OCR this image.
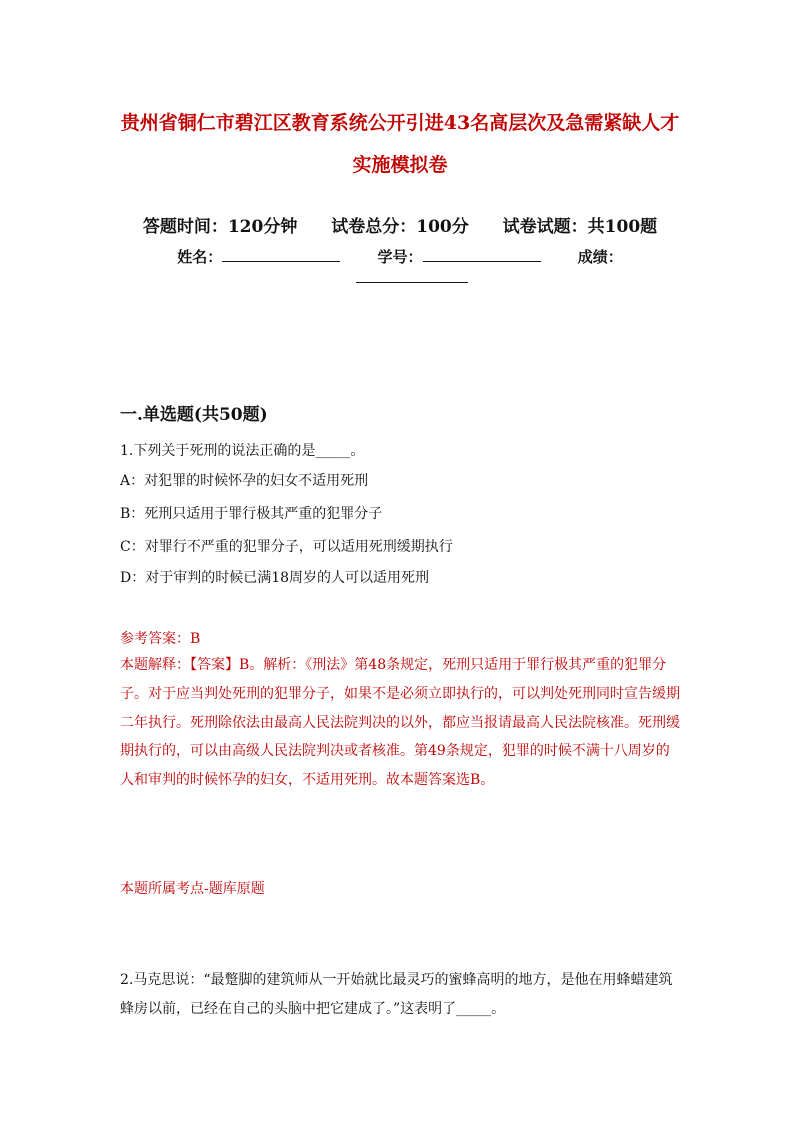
贵州省铜仁市碧江区教育系统公开引进43名高层次及急需紧缺人才
实施模拟卷
答题时间：120分钟 试卷总分：100分 试卷试题：共100题
姓名：	学号：	成绩：
一.单选题(共50题)
1.下列关于死刑的说法正确的是_____。
A：对犯罪的时候怀孕的妇女不适用死刑
B：死刑只适用于罪行极其严重的犯罪分子
C：对罪行不严重的犯罪分子，可以适用死刑缓期执行
D：对于审判的时候已满18周岁的人可以适用死刑
参考答案：B
本题解释：【答案】B。解析：《刑法》第48条规定，死刑只适用于罪行极其严重的犯罪分子。对于应当判处死刑的犯罪分子，如果不是必须立即执行的，可以判处死刑同时宣告缓期二年执行。死刑除依法由最高人民法院判决的以外，都应当报请最高人民法院核准。死刑缓期执行的，可以由高级人民法院判决或者核准。第49条规定，犯罪的时候不满十八周岁的人和审判的时候怀孕的妇女，不适用死刑。故本题答案选B。
本题所属考点-题库原题
2.马克思说：“最蹩脚的建筑师从一开始就比最灵巧的蜜蜂高明的地方，是他在用蜂蜡建筑蜂房以前，已经在自己的头脑中把它建成了。”这表明了_____。
